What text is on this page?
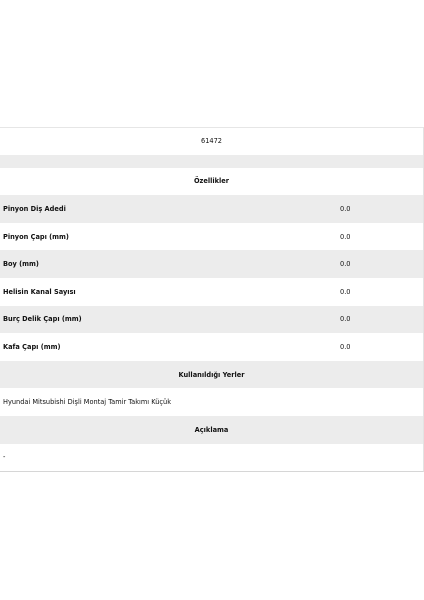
61472
Özellikler
Pinyon Diş Adedi	0.0
Pinyon Çapı (mm)	0.0
Boy (mm)	0.0
Helisin Kanal Sayısı	0.0
Burç Delik Çapı (mm)	0.0
Kafa Çapı (mm)	0.0
Kullanıldığı Yerler
Hyundai Mitsubishi Dişli Montaj Tamir Takımı Küçük
Açıklama
-
